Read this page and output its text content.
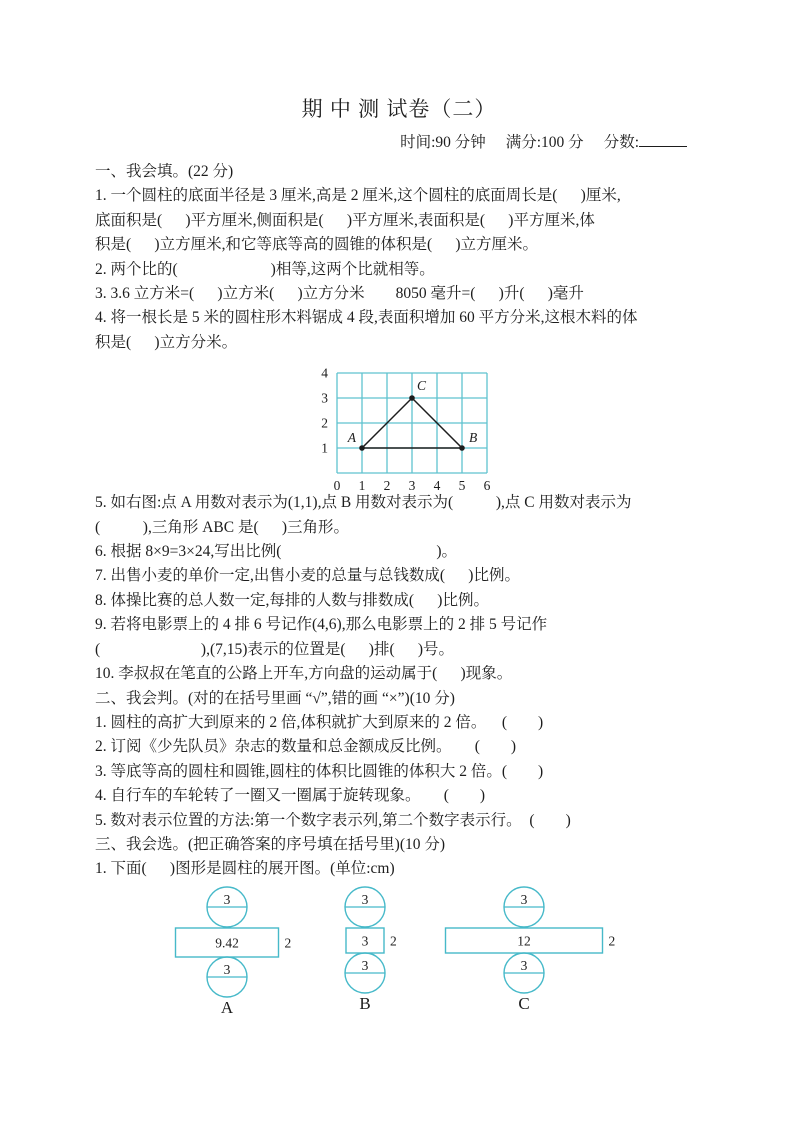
期 中 测 试卷（二）
时间:90 分钟 满分:100 分 分数:
一、我会填。(22 分)
1. 一个圆柱的底面半径是 3 厘米,高是 2 厘米,这个圆柱的底面周长是(      )厘米,
底面积是(      )平方厘米,侧面积是(      )平方厘米,表面积是(      )平方厘米,体
积是(      )立方厘米,和它等底等高的圆锥的体积是(      )立方厘米。
2. 两个比的(                        )相等,这两个比就相等。
3. 3.6 立方米=(      )立方米(      )立方分米        8050 毫升=(      )升(      )毫升
4. 将一根长是 5 米的圆柱形木料锯成 4 段,表面积增加 60 平方分米,这根木料的体
积是(      )立方分米。
0 1 2 3 4 5 6
1
2
3
4
A	B
C
5. 如右图:点 A 用数对表示为(1,1),点 B 用数对表示为(           ),点 C 用数对表示为
(           ),三角形 ABC 是(      )三角形。
6. 根据 8×9=3×24,写出比例(                                        )。
7. 出售小麦的单价一定,出售小麦的总量与总钱数成(      )比例。
8. 体操比赛的总人数一定,每排的人数与排数成(      )比例。
9. 若将电影票上的 4 排 6 号记作(4,6),那么电影票上的 2 排 5 号记作
(                          ),(7,15)表示的位置是(      )排(      )号。
10. 李叔叔在笔直的公路上开车,方向盘的运动属于(      )现象。
二、我会判。(对的在括号里画 “√”,错的画 “×”)(10 分)
1. 圆柱的高扩大到原来的 2 倍,体积就扩大到原来的 2 倍。    (        )
2. 订阅《少先队员》杂志的数量和总金额成反比例。      (        )
3. 等底等高的圆柱和圆锥,圆柱的体积比圆锥的体积大 2 倍。(        )
4. 自行车的车轮转了一圈又一圈属于旋转现象。      (        )
5. 数对表示位置的方法:第一个数字表示列,第二个数字表示行。  (        )
三、我会选。(把正确答案的序号填在括号里)(10 分)
1. 下面(      )图形是圆柱的展开图。(单位:cm)
3
3
9.42	2
A
3
3
3 2
B
3
3
12	2
C
